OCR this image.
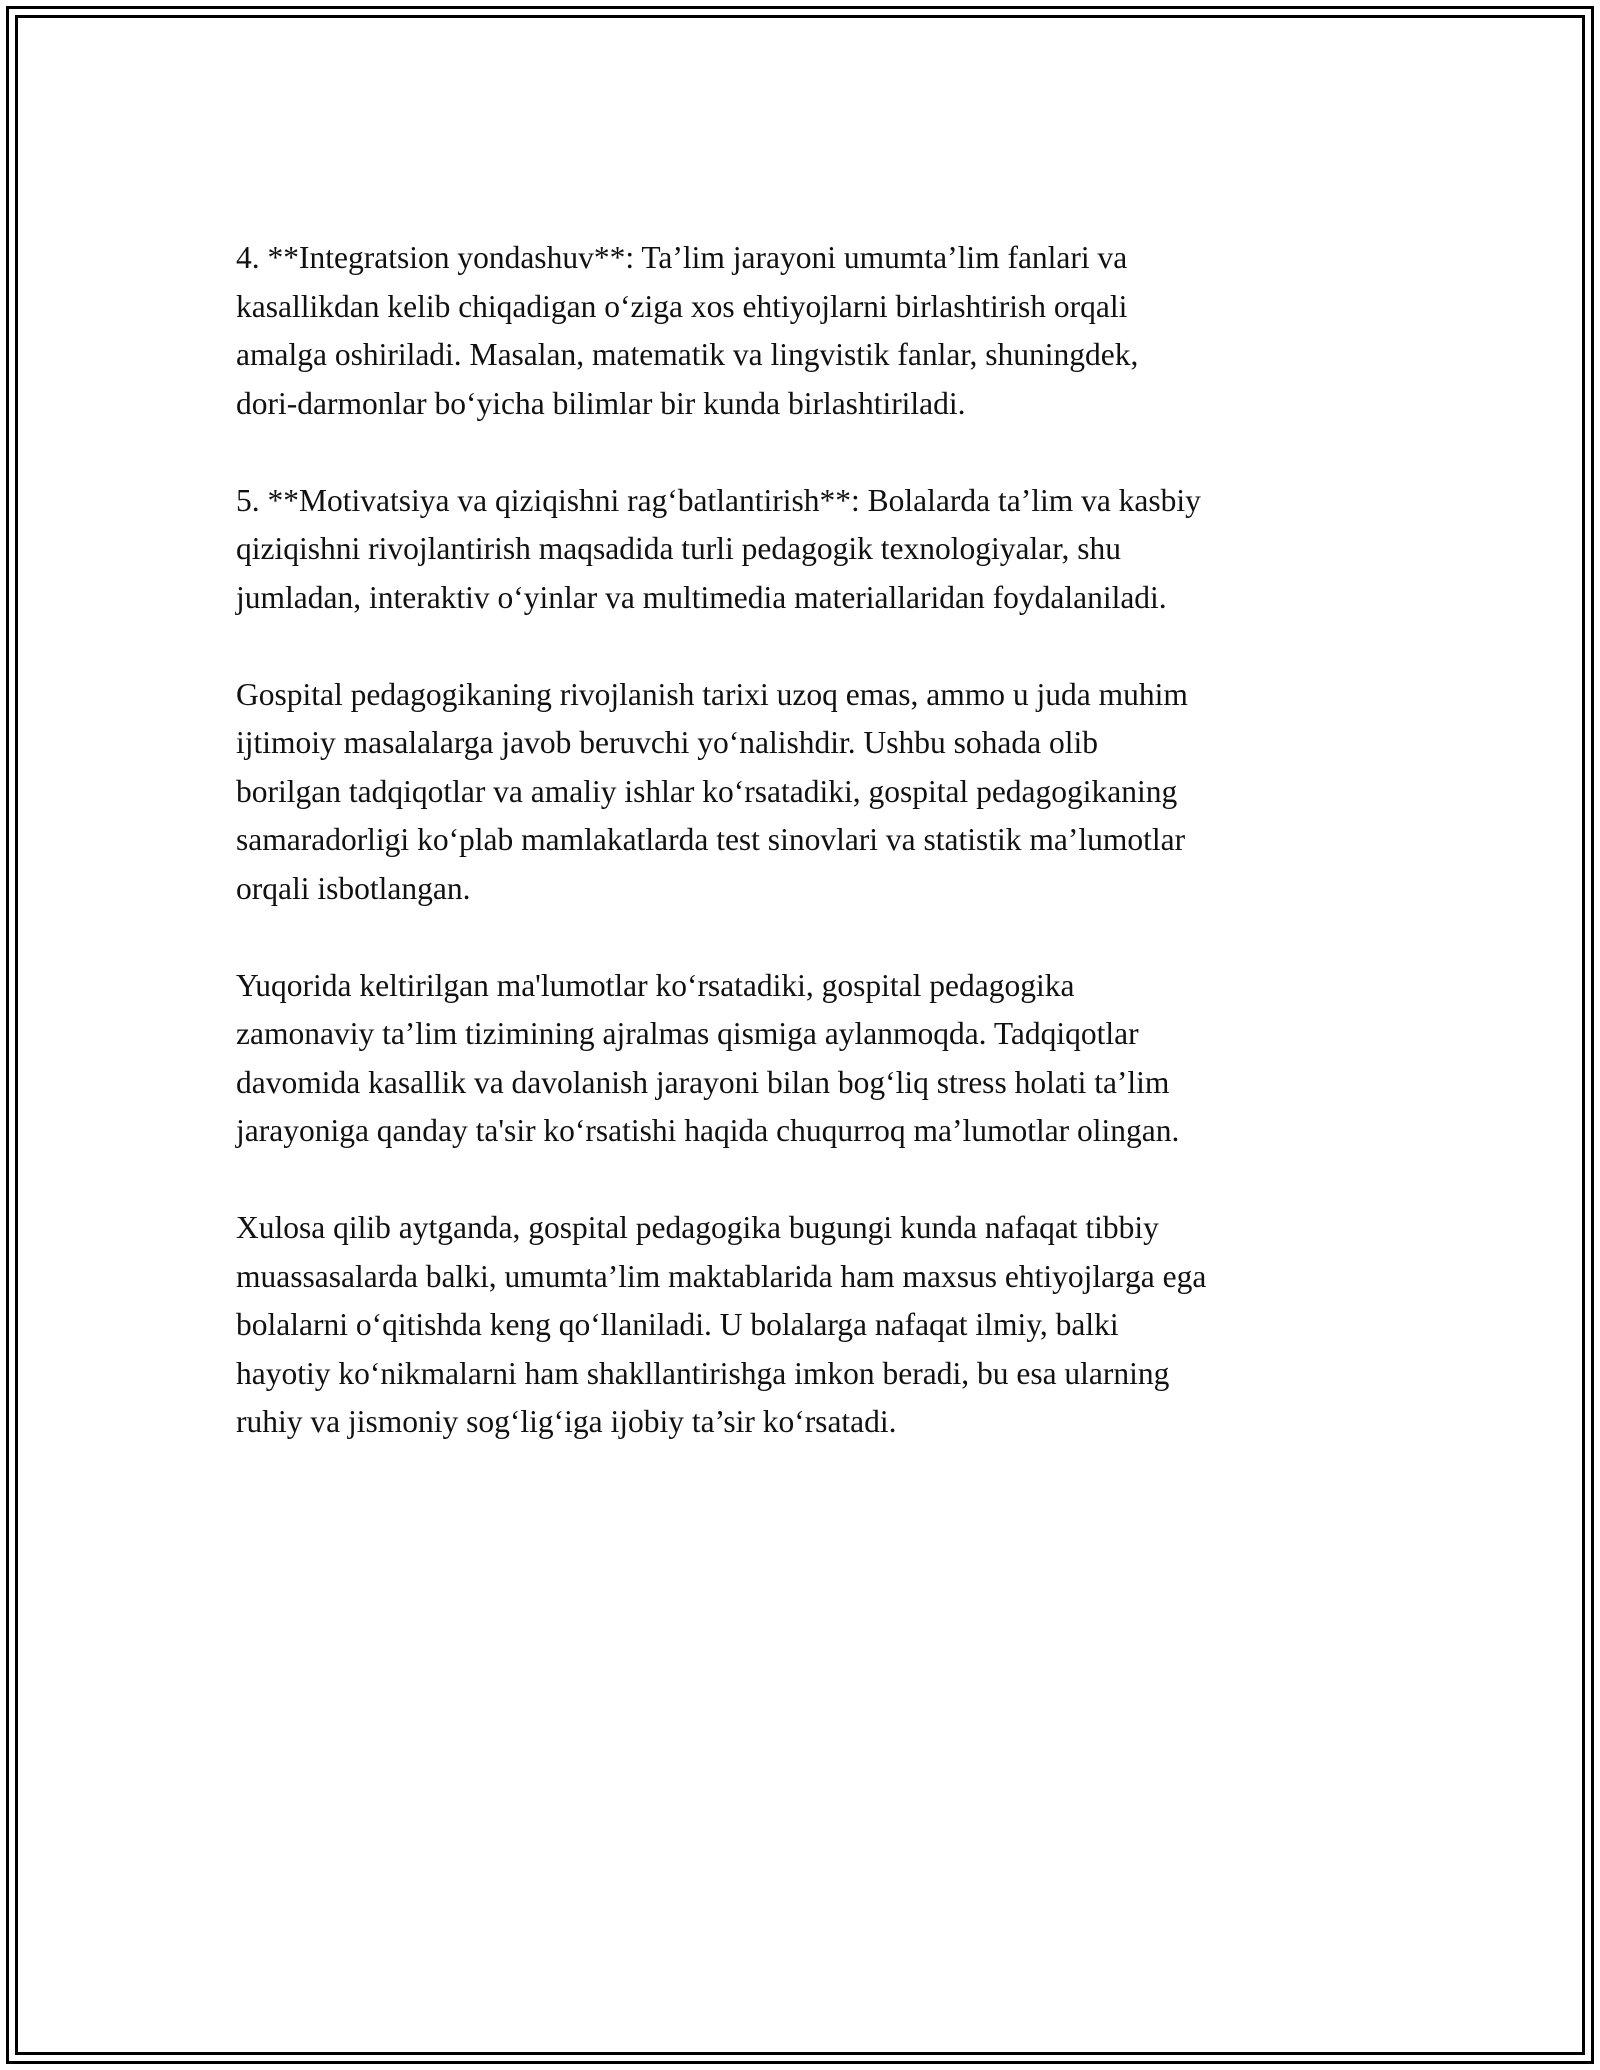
4. **Integratsion yondashuv**: Ta’lim jarayoni umumta’lim fanlari va
kasallikdan kelib chiqadigan o‘ziga xos ehtiyojlarni birlashtirish orqali
amalga oshiriladi. Masalan, matematik va lingvistik fanlar, shuningdek,
dori-darmonlar bo‘yicha bilimlar bir kunda birlashtiriladi.

5. **Motivatsiya va qiziqishni rag‘batlantirish**: Bolalarda ta’lim va kasbiy
qiziqishni rivojlantirish maqsadida turli pedagogik texnologiyalar, shu
jumladan, interaktiv o‘yinlar va multimedia materiallaridan foydalaniladi.

Gospital pedagogikaning rivojlanish tarixi uzoq emas, ammo u juda muhim
ijtimoiy masalalarga javob beruvchi yo‘nalishdir. Ushbu sohada olib
borilgan tadqiqotlar va amaliy ishlar ko‘rsatadiki, gospital pedagogikaning
samaradorligi ko‘plab mamlakatlarda test sinovlari va statistik ma’lumotlar
orqali isbotlangan.

Yuqorida keltirilgan ma'lumotlar ko‘rsatadiki, gospital pedagogika
zamonaviy ta’lim tizimining ajralmas qismiga aylanmoqda. Tadqiqotlar
davomida kasallik va davolanish jarayoni bilan bog‘liq stress holati ta’lim
jarayoniga qanday ta'sir ko‘rsatishi haqida chuqurroq ma’lumotlar olingan.

Xulosa qilib aytganda, gospital pedagogika bugungi kunda nafaqat tibbiy
muassasalarda balki, umumta’lim maktablarida ham maxsus ehtiyojlarga ega
bolalarni o‘qitishda keng qo‘llaniladi. U bolalarga nafaqat ilmiy, balki
hayotiy ko‘nikmalarni ham shakllantirishga imkon beradi, bu esa ularning
ruhiy va jismoniy sog‘lig‘iga ijobiy ta’sir ko‘rsatadi.
